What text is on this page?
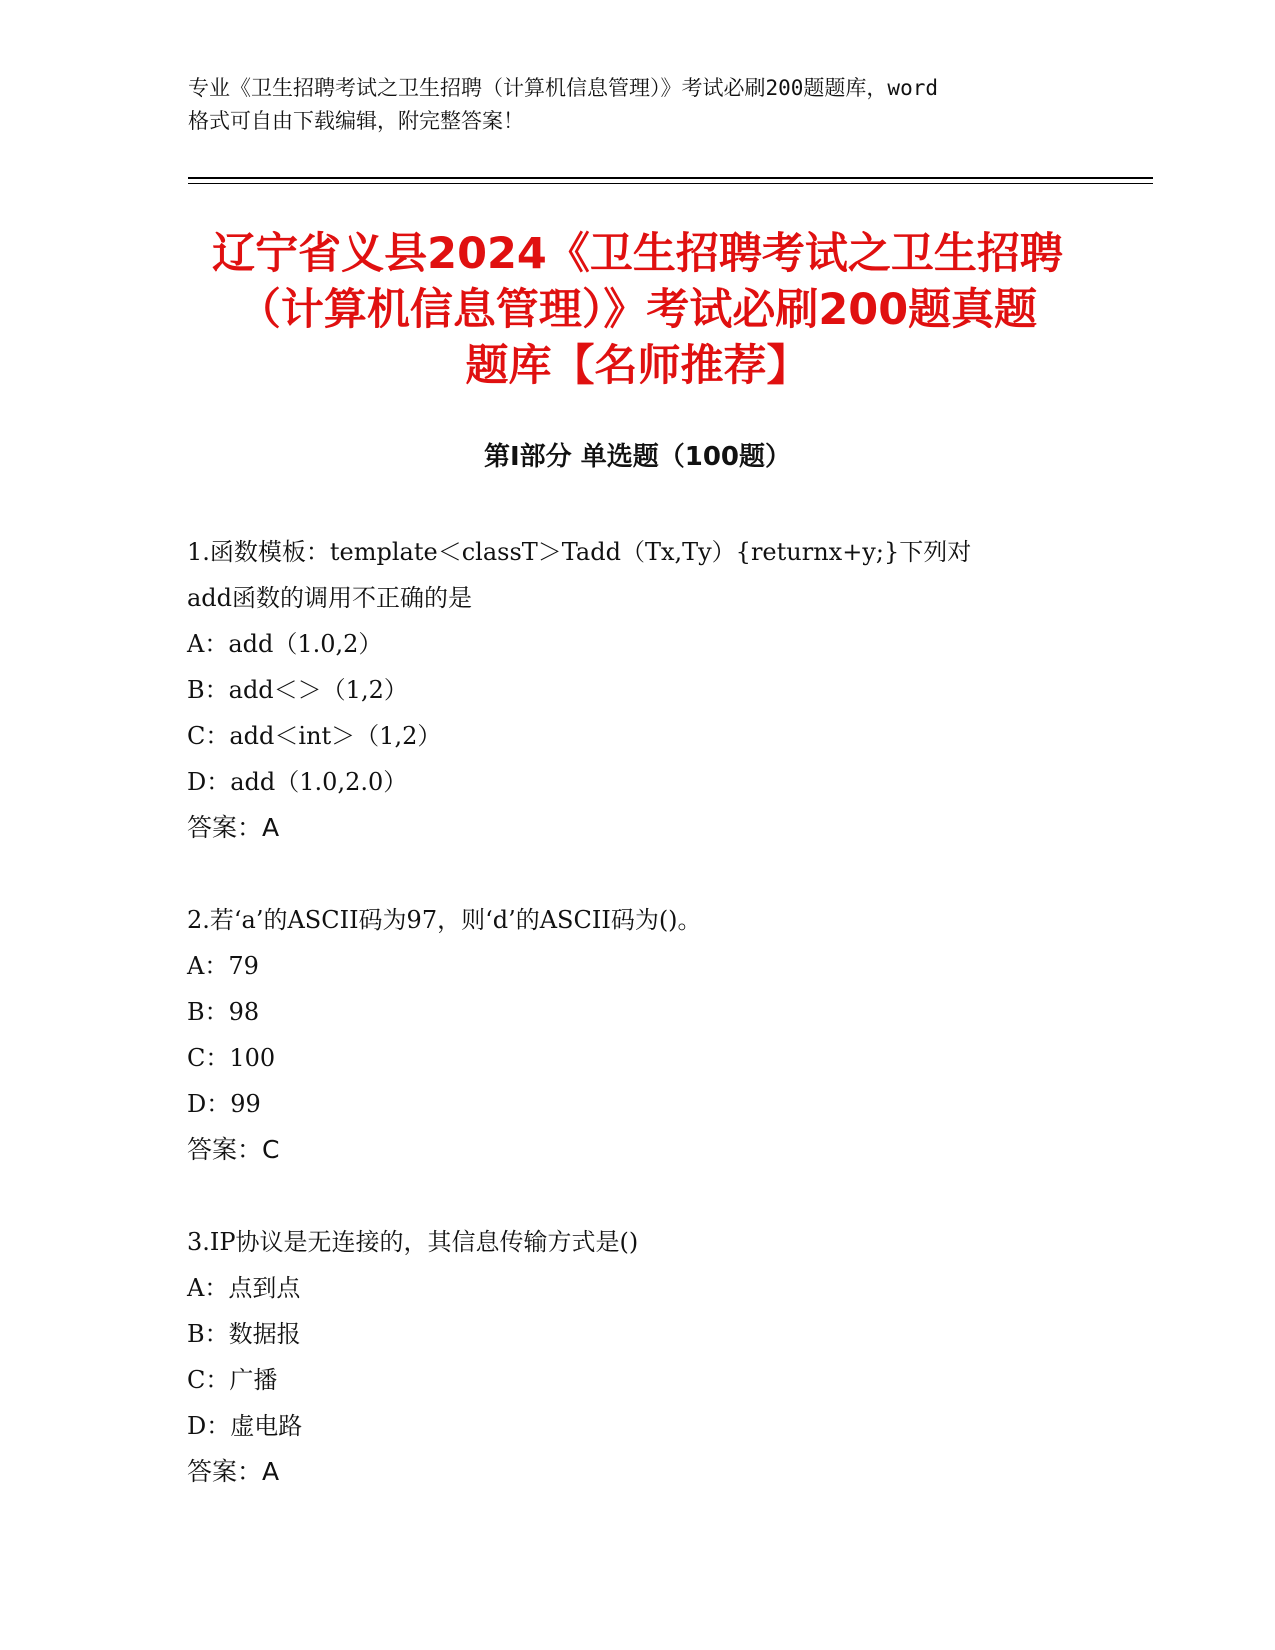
专业《卫生招聘考试之卫生招聘（计算机信息管理）》考试必刷200题题库，word
格式可自由下载编辑，附完整答案！
辽宁省义县2024《卫生招聘考试之卫生招聘
（计算机信息管理）》考试必刷200题真题
题库【名师推荐】
第Ⅰ部分 单选题（100题）
1.函数模板：template＜classT＞Tadd（Tx,Ty）{returnx+y;}下列对
add函数的调用不正确的是
A：add（1.0,2）
B：add＜＞（1,2）
C：add＜int＞（1,2）
D：add（1.0,2.0）
答案：A
2.若‘a’的ASCII码为97，则‘d’的ASCII码为()。
A：79
B：98
C：100
D：99
答案：C
3.IP协议是无连接的，其信息传输方式是()
A：点到点
B：数据报
C：广播
D：虚电路
答案：A
